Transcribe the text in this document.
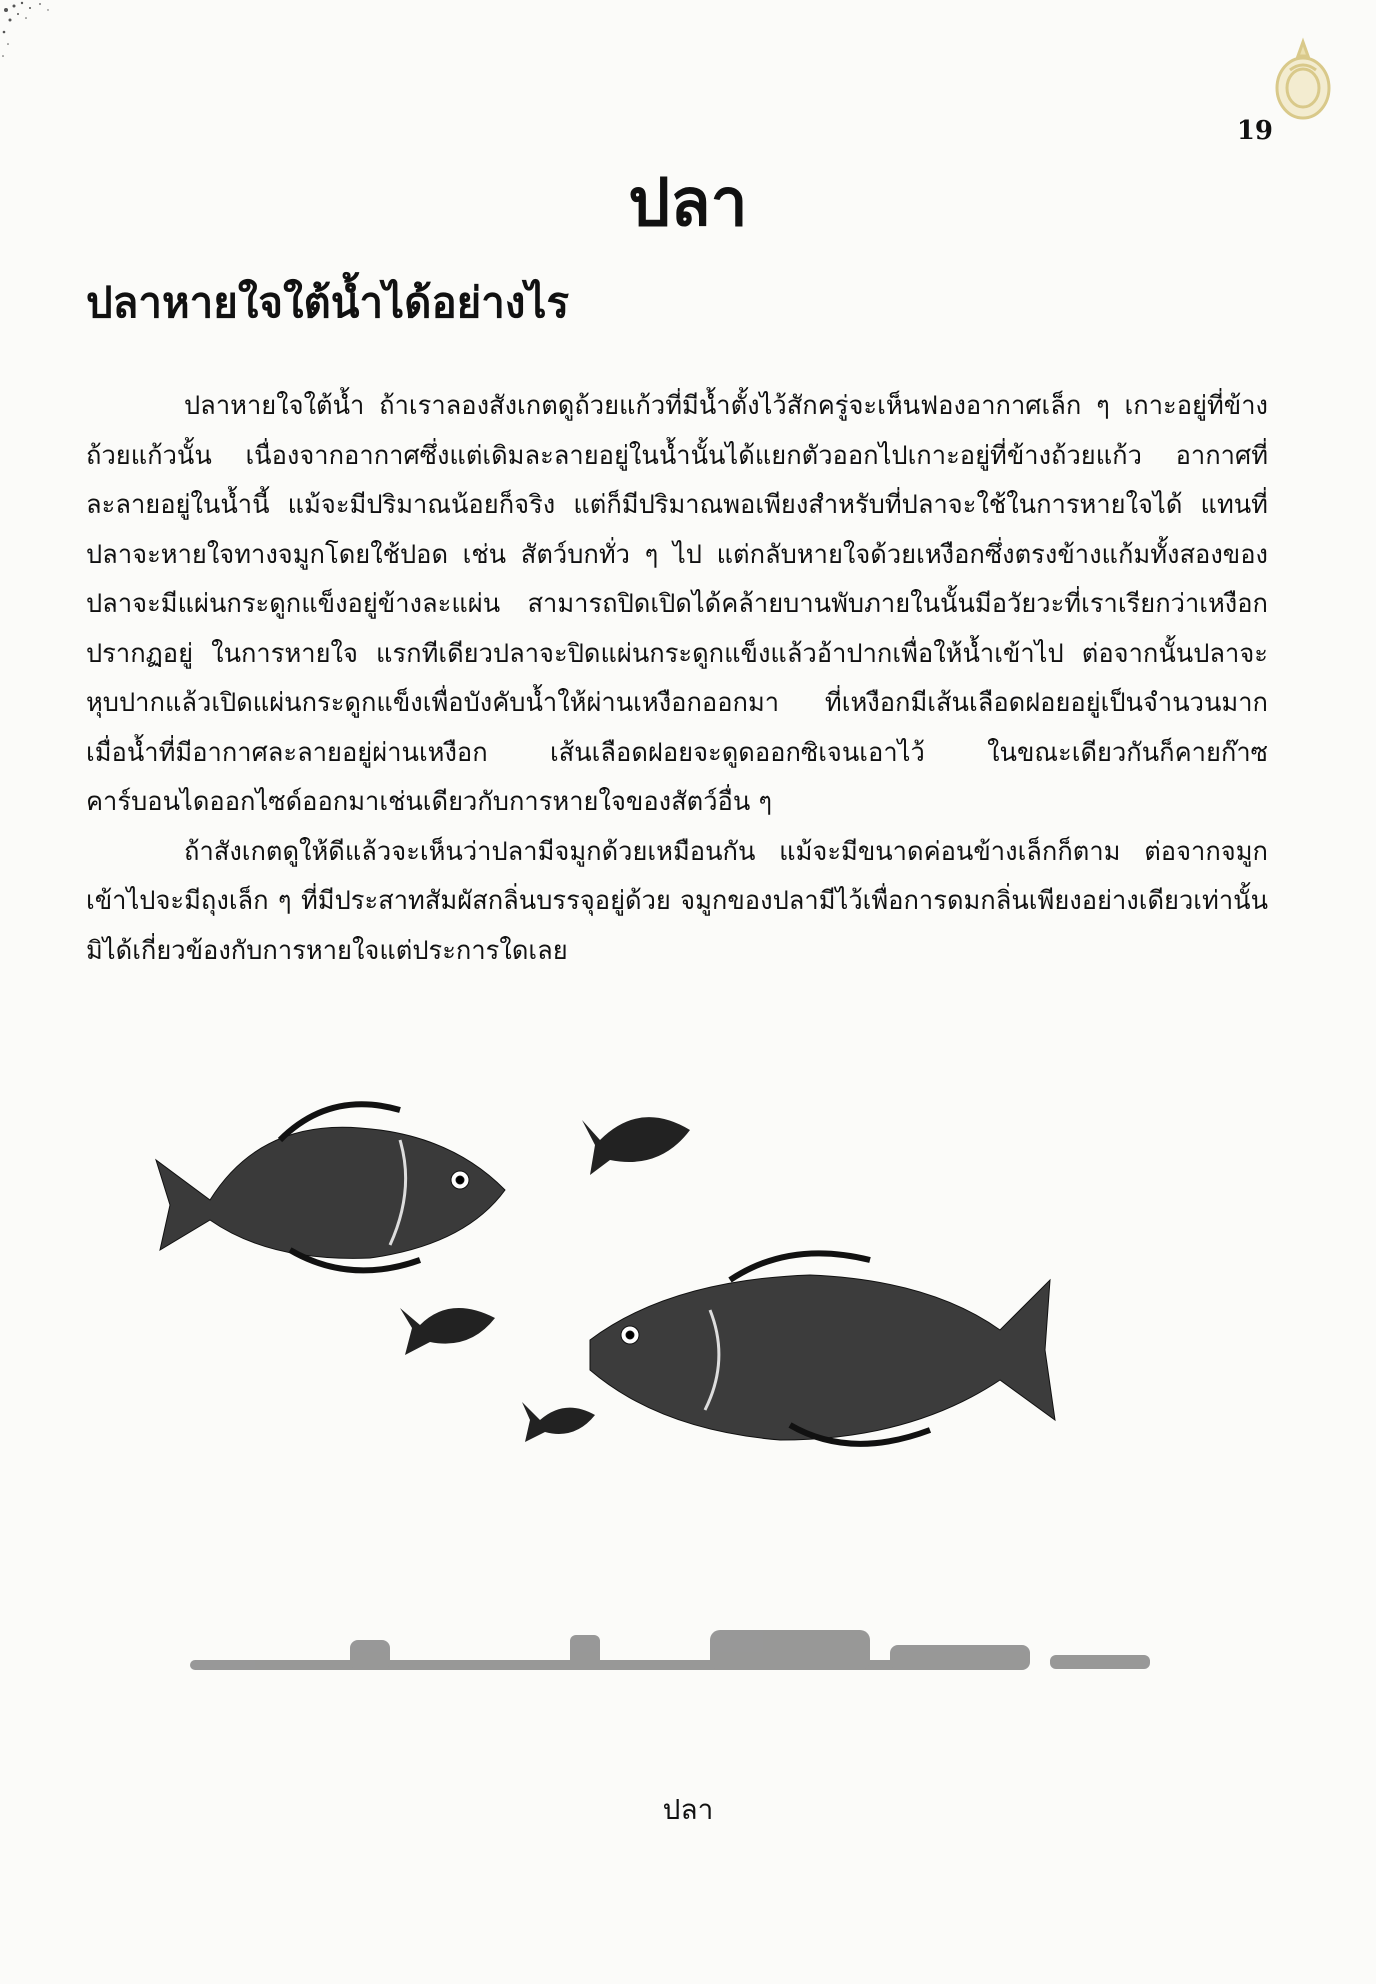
19
ปลา
ปลาหายใจใต้น้ำได้อย่างไร

ปลาหายใจใต้น้ำ ถ้าเราลองสังเกตดูถ้วยแก้วที่มีน้ำตั้งไว้สักครู่จะเห็นฟองอากาศเล็ก ๆ เกาะอยู่ที่ข้างถ้วยแก้วนั้น เนื่องจากอากาศซึ่งแต่เดิมละลายอยู่ในน้ำนั้นได้แยกตัวออกไปเกาะอยู่ที่ข้างถ้วยแก้ว อากาศที่ละลายอยู่ในน้ำนี้ แม้จะมีปริมาณน้อยก็จริง แต่ก็มีปริมาณพอเพียงสำหรับที่ปลาจะใช้ในการหายใจได้ แทนที่ปลาจะหายใจทางจมูกโดยใช้ปอด เช่น สัตว์บกทั่ว ๆ ไป แต่กลับหายใจด้วยเหงือกซึ่งตรงข้างแก้มทั้งสองของปลาจะมีแผ่นกระดูกแข็งอยู่ข้างละแผ่น สามารถปิดเปิดได้คล้ายบานพับภายในนั้นมีอวัยวะที่เราเรียกว่าเหงือกปรากฏอยู่ ในการหายใจ แรกทีเดียวปลาจะปิดแผ่นกระดูกแข็งแล้วอ้าปากเพื่อให้น้ำเข้าไป ต่อจากนั้นปลาจะหุบปากแล้วเปิดแผ่นกระดูกแข็งเพื่อบังคับน้ำให้ผ่านเหงือกออกมา ที่เหงือกมีเส้นเลือดฝอยอยู่เป็นจำนวนมาก เมื่อน้ำที่มีอากาศละลายอยู่ผ่านเหงือก เส้นเลือดฝอยจะดูดออกซิเจนเอาไว้ ในขณะเดียวกันก็คายก๊าซคาร์บอนไดออกไซด์ออกมาเช่นเดียวกับการหายใจของสัตว์อื่น ๆ

ถ้าสังเกตดูให้ดีแล้วจะเห็นว่าปลามีจมูกด้วยเหมือนกัน แม้จะมีขนาดค่อนข้างเล็กก็ตาม ต่อจากจมูกเข้าไปจะมีถุงเล็ก ๆ ที่มีประสาทสัมผัสกลิ่นบรรจุอยู่ด้วย จมูกของปลามีไว้เพื่อการดมกลิ่นเพียงอย่างเดียวเท่านั้น มิได้เกี่ยวข้องกับการหายใจแต่ประการใดเลย

ปลา
